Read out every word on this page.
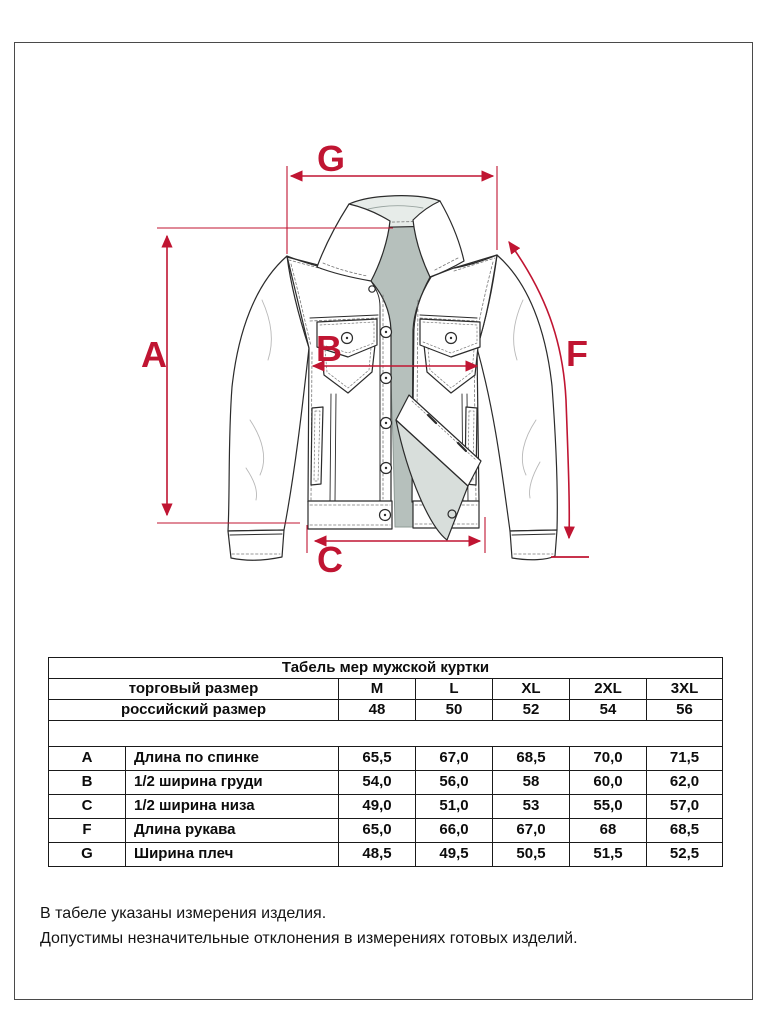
G
A	B
C
F
Табель мер мужской куртки						
торговый размер		M	L	XL	2XL	3XL
российский размер		48	50	52	54	56

A	Длина по спинке	65,5	67,0	68,5	70,0	71,5
B	1/2 ширина груди	54,0	56,0	58	60,0	62,0
C	1/2 ширина низа	49,0	51,0	53	55,0	57,0
F	Длина рукава	65,0	66,0	67,0	68	68,5
G	Ширина плеч	48,5	49,5	50,5	51,5	52,5
В табеле указаны измерения изделия.
Допустимы незначительные отклонения в измерениях готовых изделий.
